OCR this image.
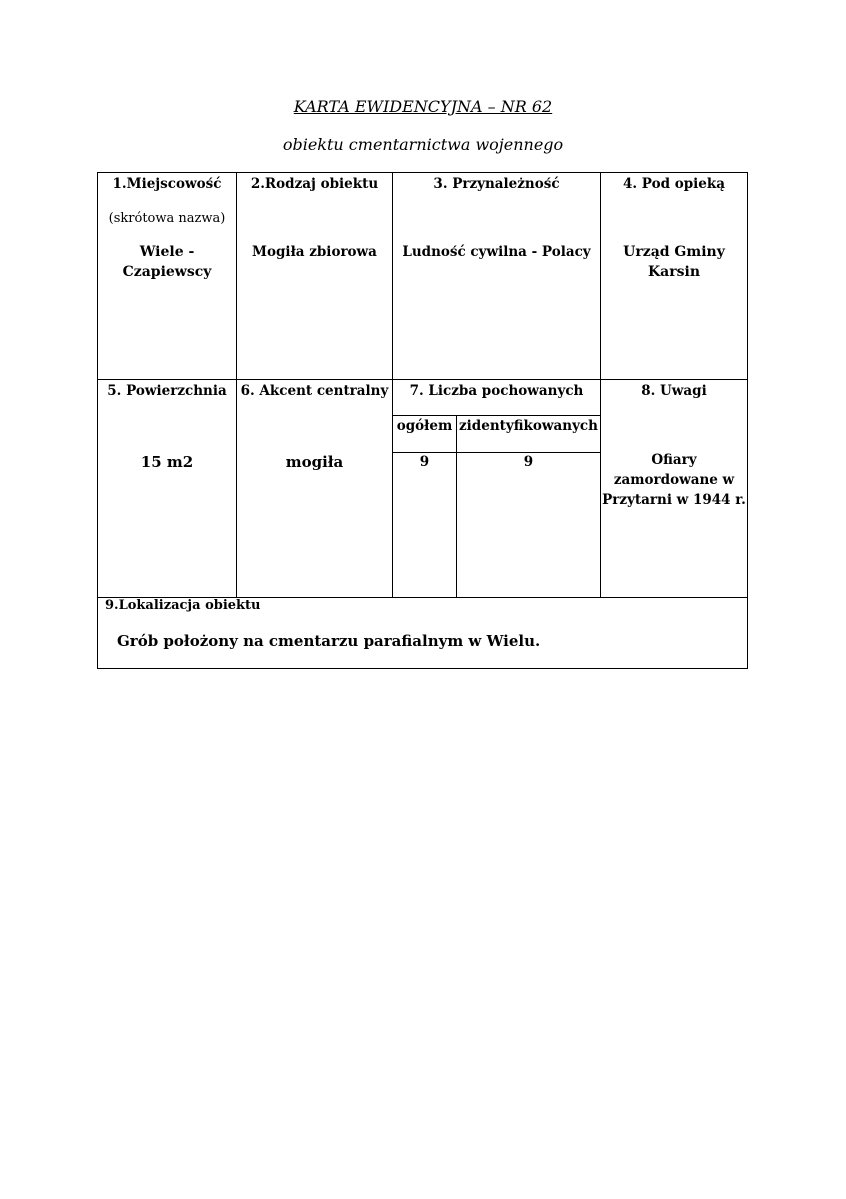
KARTA EWIDENCYJNA – NR 62
obiektu cmentarnictwa wojennego
1.Miejscowość
(skrótowa nazwa)
Wiele -
Czapiewscy
2.Rodzaj obiektu
Mogiła zbiorowa
3. Przynależność
Ludność cywilna - Polacy
4. Pod opieką
Urząd Gminy
Karsin
5. Powierzchnia
15 m2
6. Akcent centralny
mogiła
7. Liczba pochowanych
ogółem zidentyfikowanych
9	9
8. Uwagi
Ofiary
zamordowane w
Przytarni w 1944 r.
9.Lokalizacja obiektu
Grób położony na cmentarzu parafialnym w Wielu.
